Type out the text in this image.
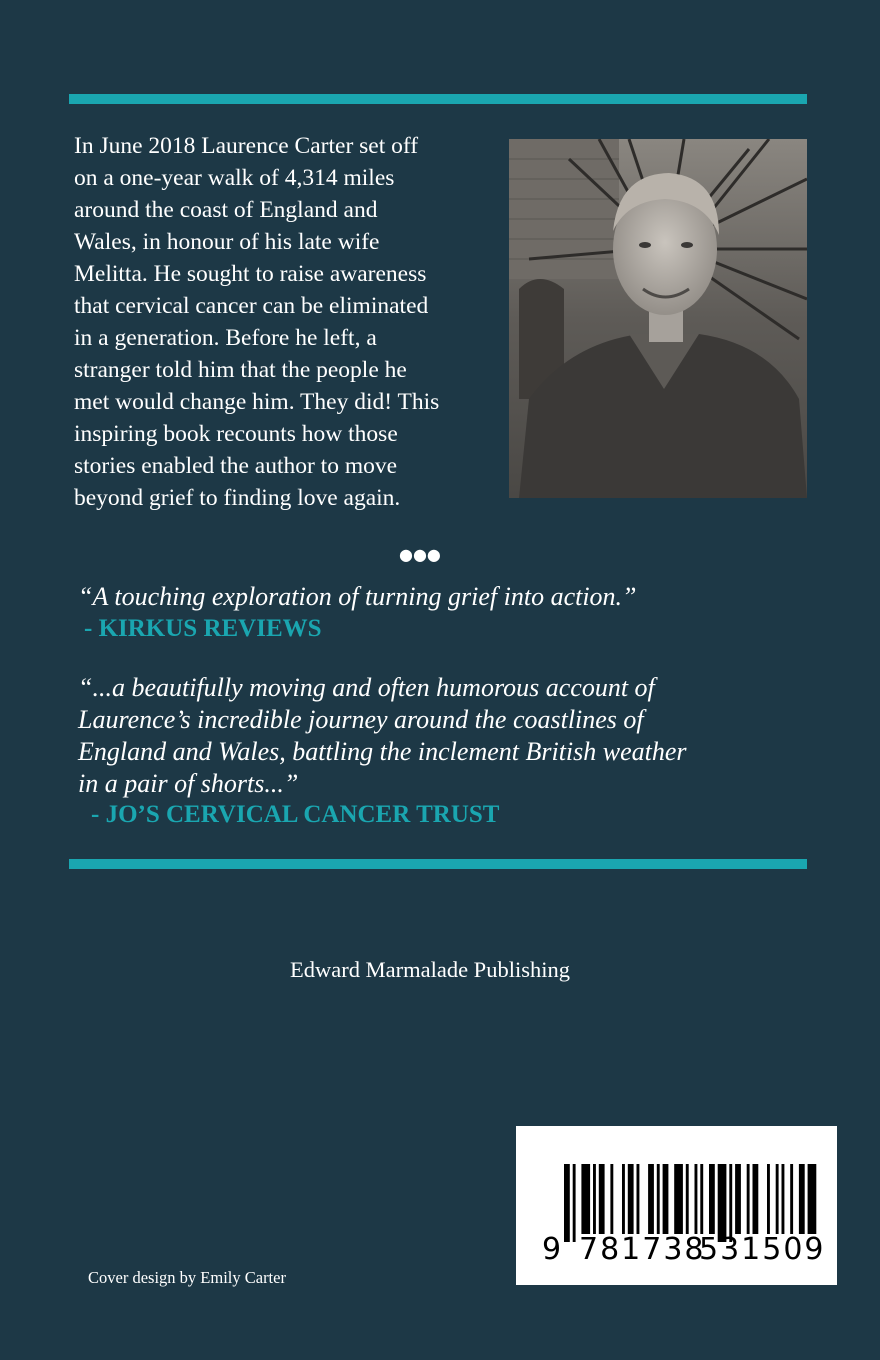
In June 2018 Laurence Carter set off
on a one-year walk of 4,314 miles
around the coast of England and
Wales, in honour of his late wife
Melitta. He sought to raise awareness
that cervical cancer can be eliminated
in a generation. Before he left, a
stranger told him that the people he
met would change him. They did! This
inspiring book recounts how those
stories enabled the author to move
beyond grief to finding love again.
●●●
“A touching exploration of turning grief into action.”
- KIRKUS REVIEWS
“...a beautifully moving and often humorous account of
Laurence’s incredible journey around the coastlines of
England and Wales, battling the inclement British weather
in a pair of shorts...”
- JO’S CERVICAL CANCER TRUST
Edward Marmalade Publishing
Cover design by Emily Carter
9 781738
531509
